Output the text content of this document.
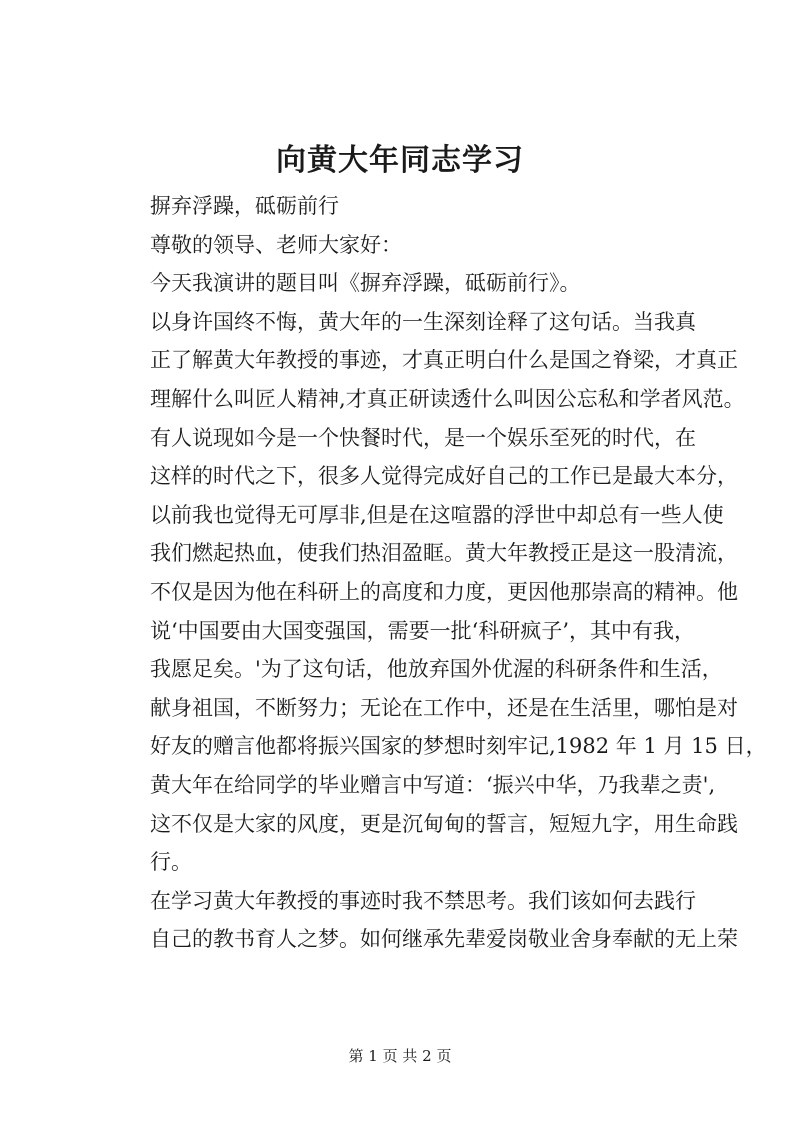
向黄大年同志学习

摒弃浮躁，砥砺前行

尊敬的领导、老师大家好：

今天我演讲的题目叫《摒弃浮躁，砥砺前行》。

以身许国终不悔，黄大年的一生深刻诠释了这句话。当我真
正了解黄大年教授的事迹，才真正明白什么是国之脊梁，才真正
理解什么叫匠人精神,才真正研读透什么叫因公忘私和学者风范。

有人说现如今是一个快餐时代，是一个娱乐至死的时代，在
这样的时代之下，很多人觉得完成好自己的工作已是最大本分，
以前我也觉得无可厚非,但是在这喧嚣的浮世中却总有一些人使
我们燃起热血，使我们热泪盈眶。黄大年教授正是这一股清流，
不仅是因为他在科研上的高度和力度，更因他那崇高的精神。他
说‘中国要由大国变强国，需要一批‘科研疯子’，其中有我，
我愿足矣。'为了这句话，他放弃国外优渥的科研条件和生活，
献身祖国，不断努力；无论在工作中，还是在生活里，哪怕是对
好友的赠言他都将振兴国家的梦想时刻牢记,1982 年 1 月 15 日，
黄大年在给同学的毕业赠言中写道：‘振兴中华，乃我辈之责',
这不仅是大家的风度，更是沉甸甸的誓言，短短九字，用生命践
行。

在学习黄大年教授的事迹时我不禁思考。我们该如何去践行
自己的教书育人之梦。如何继承先辈爱岗敬业舍身奉献的无上荣

第 1 页 共 2 页
